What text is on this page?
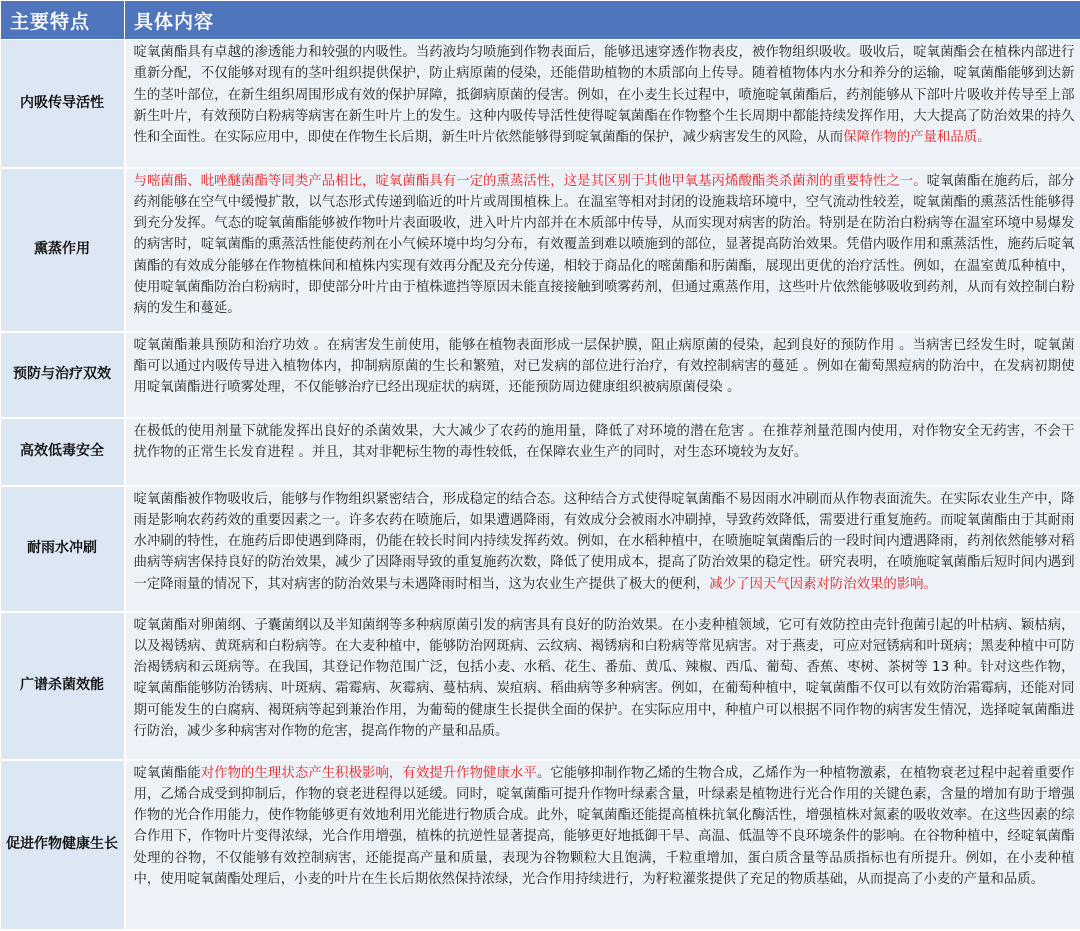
主要特点	具体内容
内吸传导活性	啶氧菌酯具有卓越的渗透能力和较强的内吸性。当药液均匀喷施到作物表面后，能够迅速穿透作物表皮，被作物组织吸收。吸收后，啶氧菌酯会在植株内部进行重新分配，不仅能够对现有的茎叶组织提供保护，防止病原菌的侵染，还能借助植物的木质部向上传导。随着植物体内水分和养分的运输，啶氧菌酯能够到达新生的茎叶部位，在新生组织周围形成有效的保护屏障，抵御病原菌的侵害。例如，在小麦生长过程中，喷施啶氧菌酯后，药剂能够从下部叶片吸收并传导至上部新生叶片，有效预防白粉病等病害在新生叶片上的发生。这种内吸传导活性使得啶氧菌酯在作物整个生长周期中都能持续发挥作用，大大提高了防治效果的持久性和全面性。在实际应用中，即使在作物生长后期，新生叶片依然能够得到啶氧菌酯的保护，减少病害发生的风险，从而保障作物的产量和品质。
熏蒸作用	与嘧菌酯、吡唑醚菌酯等同类产品相比，啶氧菌酯具有一定的熏蒸活性，这是其区别于其他甲氧基丙烯酸酯类杀菌剂的重要特性之一。啶氧菌酯在施药后，部分药剂能够在空气中缓慢扩散，以气态形式传递到临近的叶片或周围植株上。在温室等相对封闭的设施栽培环境中，空气流动性较差，啶氧菌酯的熏蒸活性能够得到充分发挥。气态的啶氧菌酯能够被作物叶片表面吸收，进入叶片内部并在木质部中传导，从而实现对病害的防治。特别是在防治白粉病等在温室环境中易爆发的病害时，啶氧菌酯的熏蒸活性能使药剂在小气候环境中均匀分布，有效覆盖到难以喷施到的部位，显著提高防治效果。凭借内吸作用和熏蒸活性，施药后啶氧菌酯的有效成分能够在作物植株间和植株内实现有效再分配及充分传递，相较于商品化的嘧菌酯和肟菌酯，展现出更优的治疗活性。例如，在温室黄瓜种植中，使用啶氧菌酯防治白粉病时，即使部分叶片由于植株遮挡等原因未能直接接触到喷雾药剂，但通过熏蒸作用，这些叶片依然能够吸收到药剂，从而有效控制白粉病的发生和蔓延。
预防与治疗双效	啶氧菌酯兼具预防和治疗功效 。在病害发生前使用，能够在植物表面形成一层保护膜，阻止病原菌的侵染，起到良好的预防作用 。当病害已经发生时，啶氧菌酯可以通过内吸传导进入植物体内，抑制病原菌的生长和繁殖，对已发病的部位进行治疗，有效控制病害的蔓延 。例如在葡萄黑痘病的防治中，在发病初期使用啶氧菌酯进行喷雾处理，不仅能够治疗已经出现症状的病斑，还能预防周边健康组织被病原菌侵染 。
高效低毒安全	在极低的使用剂量下就能发挥出良好的杀菌效果，大大减少了农药的施用量，降低了对环境的潜在危害 。在推荐剂量范围内使用，对作物安全无药害，不会干扰作物的正常生长发育进程 。并且，其对非靶标生物的毒性较低，在保障农业生产的同时，对生态环境较为友好。
耐雨水冲刷	啶氧菌酯被作物吸收后，能够与作物组织紧密结合，形成稳定的结合态。这种结合方式使得啶氧菌酯不易因雨水冲刷而从作物表面流失。在实际农业生产中，降雨是影响农药药效的重要因素之一。许多农药在喷施后，如果遭遇降雨，有效成分会被雨水冲刷掉，导致药效降低，需要进行重复施药。而啶氧菌酯由于其耐雨水冲刷的特性，在施药后即使遇到降雨，仍能在较长时间内持续发挥药效。例如，在水稻种植中，在喷施啶氧菌酯后的一段时间内遭遇降雨，药剂依然能够对稻曲病等病害保持良好的防治效果，减少了因降雨导致的重复施药次数，降低了使用成本，提高了防治效果的稳定性。研究表明，在喷施啶氧菌酯后短时间内遇到一定降雨量的情况下，其对病害的防治效果与未遇降雨时相当，这为农业生产提供了极大的便利，减少了因天气因素对防治效果的影响。
广谱杀菌效能	啶氧菌酯对卵菌纲、子囊菌纲以及半知菌纲等多种病原菌引发的病害具有良好的防治效果。在小麦种植领域，它可有效防控由壳针孢菌引起的叶枯病、颖枯病，以及褐锈病、黄斑病和白粉病等。在大麦种植中，能够防治网斑病、云纹病、褐锈病和白粉病等常见病害。对于燕麦，可应对冠锈病和叶斑病；黑麦种植中可防治褐锈病和云斑病等。在我国，其登记作物范围广泛，包括小麦、水稻、花生、番茄、黄瓜、辣椒、西瓜、葡萄、香蕉、枣树、茶树等 13 种。针对这些作物，啶氧菌酯能够防治锈病、叶斑病、霜霉病、灰霉病、蔓枯病、炭疽病、稻曲病等多种病害。例如，在葡萄种植中，啶氧菌酯不仅可以有效防治霜霉病，还能对同期可能发生的白腐病、褐斑病等起到兼治作用，为葡萄的健康生长提供全面的保护。在实际应用中，种植户可以根据不同作物的病害发生情况，选择啶氧菌酯进行防治，减少多种病害对作物的危害，提高作物的产量和品质。
促进作物健康生长	啶氧菌酯能对作物的生理状态产生积极影响，有效提升作物健康水平。它能够抑制作物乙烯的生物合成，乙烯作为一种植物激素，在植物衰老过程中起着重要作用，乙烯合成受到抑制后，作物的衰老进程得以延缓。同时，啶氧菌酯可提升作物叶绿素含量，叶绿素是植物进行光合作用的关键色素，含量的增加有助于增强作物的光合作用能力，使作物能够更有效地利用光能进行物质合成。此外，啶氧菌酯还能提高植株抗氧化酶活性，增强植株对氮素的吸收效率。在这些因素的综合作用下，作物叶片变得浓绿，光合作用增强，植株的抗逆性显著提高，能够更好地抵御干旱、高温、低温等不良环境条件的影响。在谷物种植中，经啶氧菌酯处理的谷物，不仅能够有效控制病害，还能提高产量和质量，表现为谷物颗粒大且饱满，千粒重增加，蛋白质含量等品质指标也有所提升。例如，在小麦种植中，使用啶氧菌酯处理后，小麦的叶片在生长后期依然保持浓绿，光合作用持续进行，为籽粒灌浆提供了充足的物质基础，从而提高了小麦的产量和品质。
